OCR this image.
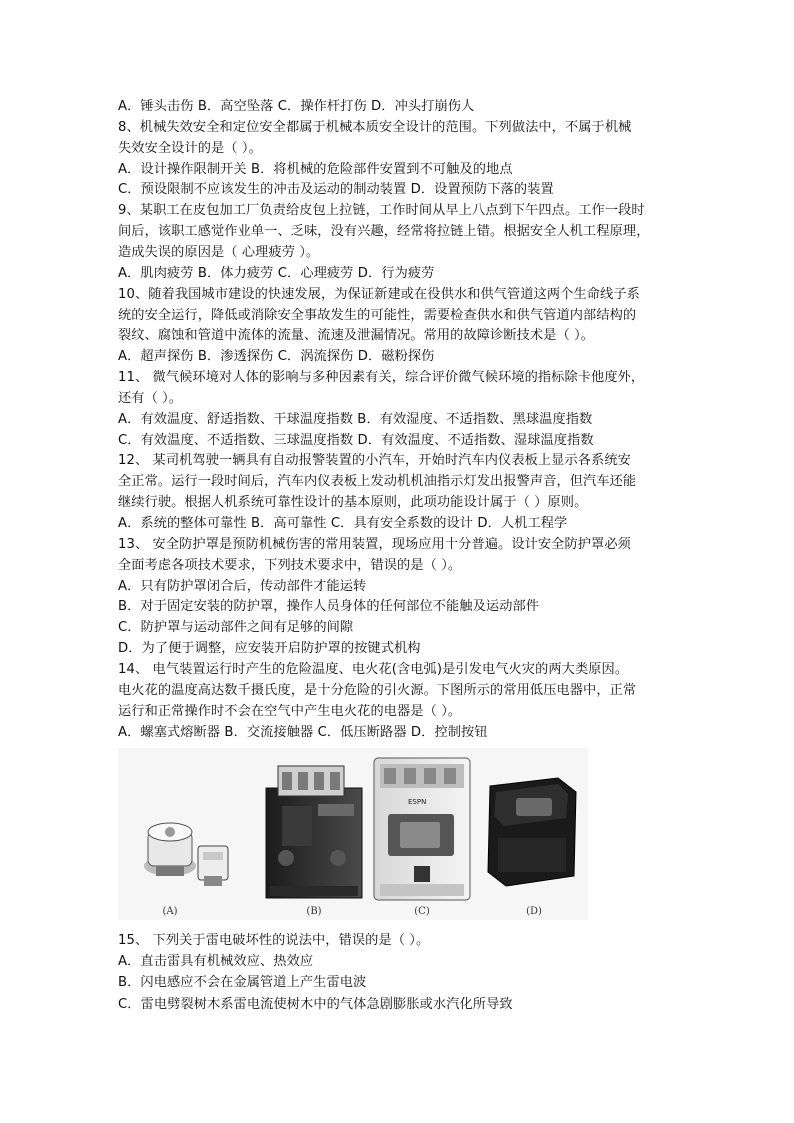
A．锤头击伤 B．高空坠落 C．操作杆打伤 D．冲头打崩伤人
8、机械失效安全和定位安全都属于机械本质安全设计的范围。下列做法中，不属于机械
失效安全设计的是（ ）。
A．设计操作限制开关 B．将机械的危险部件安置到不可触及的地点
C．预设限制不应该发生的冲击及运动的制动装置 D．设置预防下落的装置
9、某职工在皮包加工厂负责给皮包上拉链，工作时间从早上八点到下午四点。工作一段时
间后，该职工感觉作业单一、乏味，没有兴趣，经常将拉链上错。根据安全人机工程原理，
造成失误的原因是（ 心理疲劳 ）。
A．肌肉疲劳 B．体力疲劳 C．心理疲劳 D．行为疲劳
10、随着我国城市建设的快速发展，为保证新建或在役供水和供气管道这两个生命线子系
统的安全运行，降低或消除安全事故发生的可能性，需要检查供水和供气管道内部结构的
裂纹、腐蚀和管道中流体的流量、流速及泄漏情况。常用的故障诊断技术是（ ）。
A．超声探伤 B．渗透探伤 C．涡流探伤 D．磁粉探伤
11、 微气候环境对人体的影响与多种因素有关，综合评价微气候环境的指标除卡他度外，
还有（ ）。
A．有效温度、舒适指数、干球温度指数 B．有效湿度、不适指数、黑球温度指数
C．有效温度、不适指数、三球温度指数 D．有效温度、不适指数、湿球温度指数
12、 某司机驾驶一辆具有自动报警装置的小汽车，开始时汽车内仪表板上显示各系统安
全正常。运行一段时间后，汽车内仪表板上发动机机油指示灯发出报警声音，但汽车还能
继续行驶。根据人机系统可靠性设计的基本原则，此项功能设计属于（ ）原则。
A．系统的整体可靠性 B．高可靠性 C．具有安全系数的设计 D．人机工程学
13、 安全防护罩是预防机械伤害的常用装置，现场应用十分普遍。设计安全防护罩必须
全面考虑各项技术要求，下列技术要求中，错误的是（ ）。
A．只有防护罩闭合后，传动部件才能运转
B．对于固定安装的防护罩，操作人员身体的任何部位不能触及运动部件
C．防护罩与运动部件之间有足够的间隙
D．为了便于调整，应安装开启防护罩的按键式机构
14、 电气装置运行时产生的危险温度、电火花(含电弧)是引发电气火灾的两大类原因。
电火花的温度高达数千摄氏度，是十分危险的引火源。下图所示的常用低压电器中，正常
运行和正常操作时不会在空气中产生电火花的电器是（ ）。
A．螺塞式熔断器 B．交流接触器 C．低压断路器 D．控制按钮
ESPN
(A)	(B)	(C)	(D)
15、 下列关于雷电破坏性的说法中，错误的是（ ）。
A．直击雷具有机械效应、热效应
B．闪电感应不会在金属管道上产生雷电波
C．雷电劈裂树木系雷电流使树木中的气体急剧膨胀或水汽化所导致
